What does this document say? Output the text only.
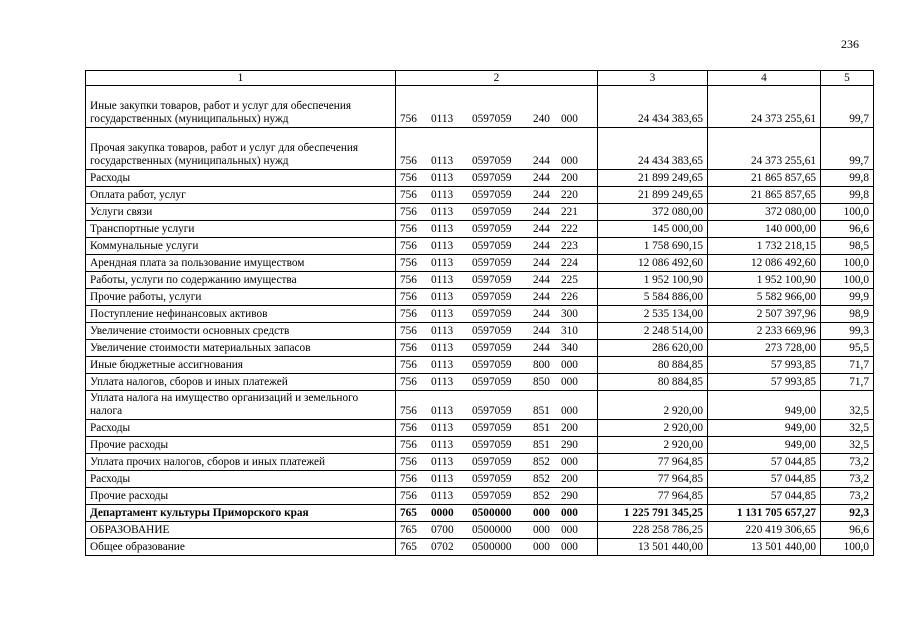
236
1	2	3	4	5
Иные закупки товаров, работ и услуг для обеспечения государственных (муниципальных) нужд	756 0113 0597059 240 000	24 434 383,65	24 373 255,61	99,7
Прочая закупка товаров, работ и услуг для обеспечения государственных (муниципальных) нужд	756 0113 0597059 244 000	24 434 383,65	24 373 255,61	99,7
Расходы	756 0113 0597059 244 200	21 899 249,65	21 865 857,65	99,8
Оплата работ, услуг	756 0113 0597059 244 220	21 899 249,65	21 865 857,65	99,8
Услуги связи	756 0113 0597059 244 221	372 080,00	372 080,00	100,0
Транспортные услуги	756 0113 0597059 244 222	145 000,00	140 000,00	96,6
Коммунальные услуги	756 0113 0597059 244 223	1 758 690,15	1 732 218,15	98,5
Арендная плата за пользование имуществом	756 0113 0597059 244 224	12 086 492,60	12 086 492,60	100,0
Работы, услуги по содержанию имущества	756 0113 0597059 244 225	1 952 100,90	1 952 100,90	100,0
Прочие работы, услуги	756 0113 0597059 244 226	5 584 886,00	5 582 966,00	99,9
Поступление нефинансовых активов	756 0113 0597059 244 300	2 535 134,00	2 507 397,96	98,9
Увеличение стоимости основных средств	756 0113 0597059 244 310	2 248 514,00	2 233 669,96	99,3
Увеличение стоимости материальных запасов	756 0113 0597059 244 340	286 620,00	273 728,00	95,5
Иные бюджетные ассигнования	756 0113 0597059 800 000	80 884,85	57 993,85	71,7
Уплата налогов, сборов и иных платежей	756 0113 0597059 850 000	80 884,85	57 993,85	71,7
Уплата налога на имущество организаций и земельного налога	756 0113 0597059 851 000	2 920,00	949,00	32,5
Расходы	756 0113 0597059 851 200	2 920,00	949,00	32,5
Прочие расходы	756 0113 0597059 851 290	2 920,00	949,00	32,5
Уплата прочих налогов, сборов и иных платежей	756 0113 0597059 852 000	77 964,85	57 044,85	73,2
Расходы	756 0113 0597059 852 200	77 964,85	57 044,85	73,2
Прочие расходы	756 0113 0597059 852 290	77 964,85	57 044,85	73,2
Департамент культуры Приморского края	765 0000 0500000 000 000	1 225 791 345,25	1 131 705 657,27	92,3
ОБРАЗОВАНИЕ	765 0700 0500000 000 000	228 258 786,25	220 419 306,65	96,6
Общее образование	765 0702 0500000 000 000	13 501 440,00	13 501 440,00	100,0
